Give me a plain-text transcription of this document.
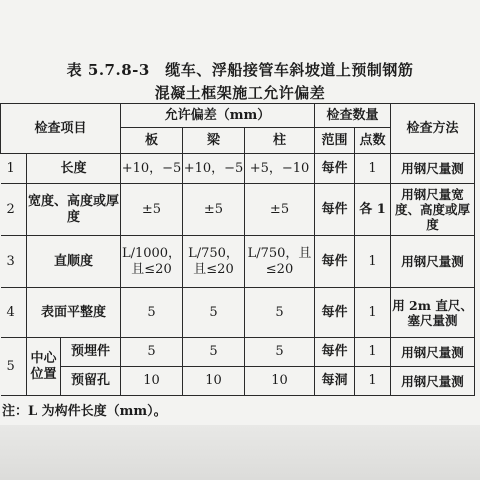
表 5.7.8-3　缆车、浮船接管车斜坡道上预制钢筋
混凝土框架施工允许偏差
检查项目			允许偏差（mm）			检查数量		检查方法
			板	梁	柱	范围	点数	
1	长度		+10，−5	+10，−5	+5，−10	每件	1	用钢尺量测
2	宽度、高度或厚度		±5	±5	±5	每件	各 1	用钢尺量宽度、高度或厚度
3	直顺度		L/1000，且≤20	L/750，且≤20	L/750，且≤20	每件	1	用钢尺量测
4	表面平整度		5	5	5	每件	1	用 2m 直尺、塞尺量测
5	中心位置	预埋件	5	5	5	每件	1	用钢尺量测
		预留孔	10	10	10	每洞	1	用钢尺量测
注：L 为构件长度（mm）。
